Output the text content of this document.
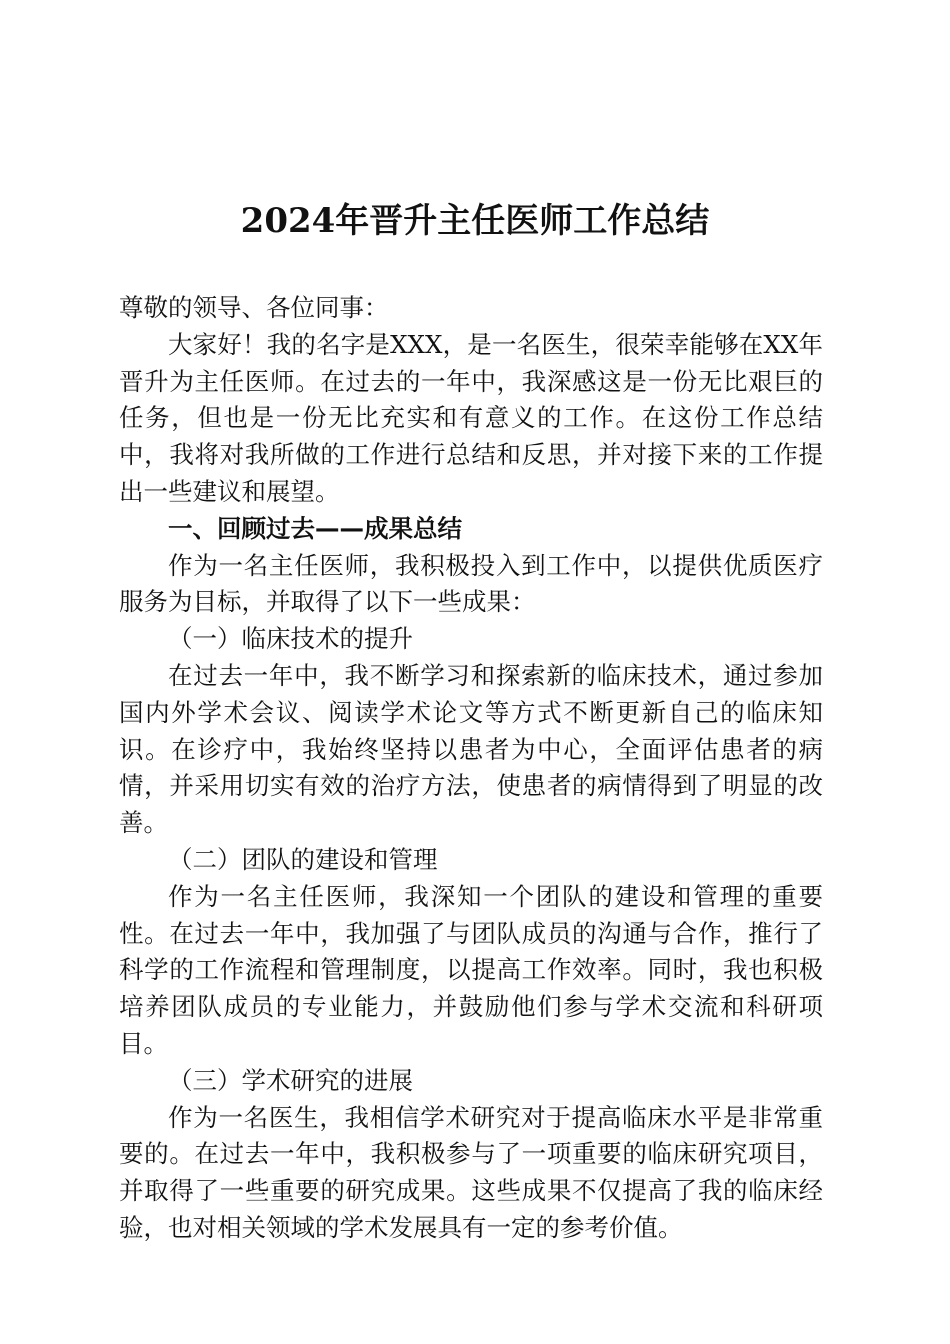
2024年晋升主任医师工作总结

尊敬的领导、各位同事：

大家好！我的名字是XXX，是一名医生，很荣幸能够在XX年晋升为主任医师。在过去的一年中，我深感这是一份无比艰巨的任务，但也是一份无比充实和有意义的工作。在这份工作总结中，我将对我所做的工作进行总结和反思，并对接下来的工作提出一些建议和展望。

一、回顾过去——成果总结

作为一名主任医师，我积极投入到工作中，以提供优质医疗服务为目标，并取得了以下一些成果：

（一）临床技术的提升

在过去一年中，我不断学习和探索新的临床技术，通过参加国内外学术会议、阅读学术论文等方式不断更新自己的临床知识。在诊疗中，我始终坚持以患者为中心，全面评估患者的病情，并采用切实有效的治疗方法，使患者的病情得到了明显的改善。

（二）团队的建设和管理

作为一名主任医师，我深知一个团队的建设和管理的重要性。在过去一年中，我加强了与团队成员的沟通与合作，推行了科学的工作流程和管理制度，以提高工作效率。同时，我也积极培养团队成员的专业能力，并鼓励他们参与学术交流和科研项目。

（三）学术研究的进展

作为一名医生，我相信学术研究对于提高临床水平是非常重要的。在过去一年中，我积极参与了一项重要的临床研究项目，并取得了一些重要的研究成果。这些成果不仅提高了我的临床经验，也对相关领域的学术发展具有一定的参考价值。
